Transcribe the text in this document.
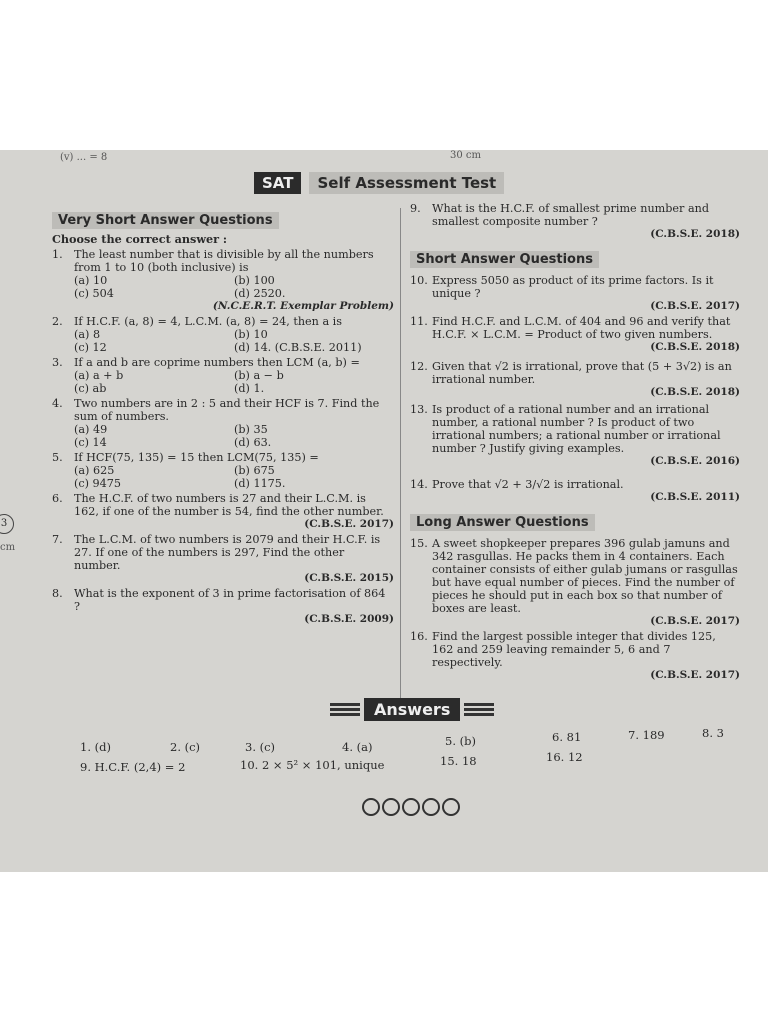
(v) ... = 8	30 cm
3
cm
SAT	Self Assessment Test
Very Short Answer Questions
Choose the correct answer :
1.	The least number that is divisible by all the numbers from 1 to 10 (both inclusive) is
(a) 10	(b) 100
(c) 504	(d) 2520.
(N.C.E.R.T. Exemplar Problem)
2.	If H.C.F. (a, 8) = 4, L.C.M. (a, 8) = 24, then a is
(a) 8	(b) 10
(c) 12	(d) 14. (C.B.S.E. 2011)
3.	If a and b are coprime numbers then LCM (a, b) =
(a) a + b	(b) a − b
(c) ab	(d) 1.
4.	Two numbers are in 2 : 5 and their HCF is 7. Find the sum of numbers.
(a) 49	(b) 35
(c) 14	(d) 63.
5.	If HCF(75, 135) = 15 then LCM(75, 135) =
(a) 625	(b) 675
(c) 9475	(d) 1175.
6.	The H.C.F. of two numbers is 27 and their L.C.M. is 162, if one of the number is 54, find the other number.
(C.B.S.E. 2017)
7.	The L.C.M. of two numbers is 2079 and their H.C.F. is 27. If one of the numbers is 297, Find the other number.
(C.B.S.E. 2015)
8.	What is the exponent of 3 in prime factorisation of 864 ?
(C.B.S.E. 2009)
9.	What is the H.C.F. of smallest prime number and smallest composite number ?
(C.B.S.E. 2018)
Short Answer Questions
10. Express 5050 as product of its prime factors. Is it unique ?
(C.B.S.E. 2017)
11. Find H.C.F. and L.C.M. of 404 and 96 and verify that H.C.F. × L.C.M. = Product of two given numbers.
(C.B.S.E. 2018)
12. Given that √2 is irrational, prove that (5 + 3√2) is an irrational number.
(C.B.S.E. 2018)
13. Is product of a rational number and an irrational number, a rational number ? Is product of two irrational numbers; a rational number or irrational number ? Justify giving examples.
(C.B.S.E. 2016)
14. Prove that √2 + 3/√2 is irrational.
(C.B.S.E. 2011)
Long Answer Questions
15. A sweet shopkeeper prepares 396 gulab jamuns and 342 rasgullas. He packs them in 4 containers. Each container consists of either gulab jumans or rasgullas but have equal number of pieces. Find the number of pieces he should put in each box so that number of boxes are least.
(C.B.S.E. 2017)
16. Find the largest possible integer that divides 125, 162 and 259 leaving remainder 5, 6 and 7 respectively.
(C.B.S.E. 2017)
Answers
1. (d)	2. (c)	3. (c)	4. (a)	5. (b)	6. 81	7. 189	8. 3
9. H.C.F. (2,4) = 2	10. 2 × 5² × 101, unique	15. 18	16. 12
